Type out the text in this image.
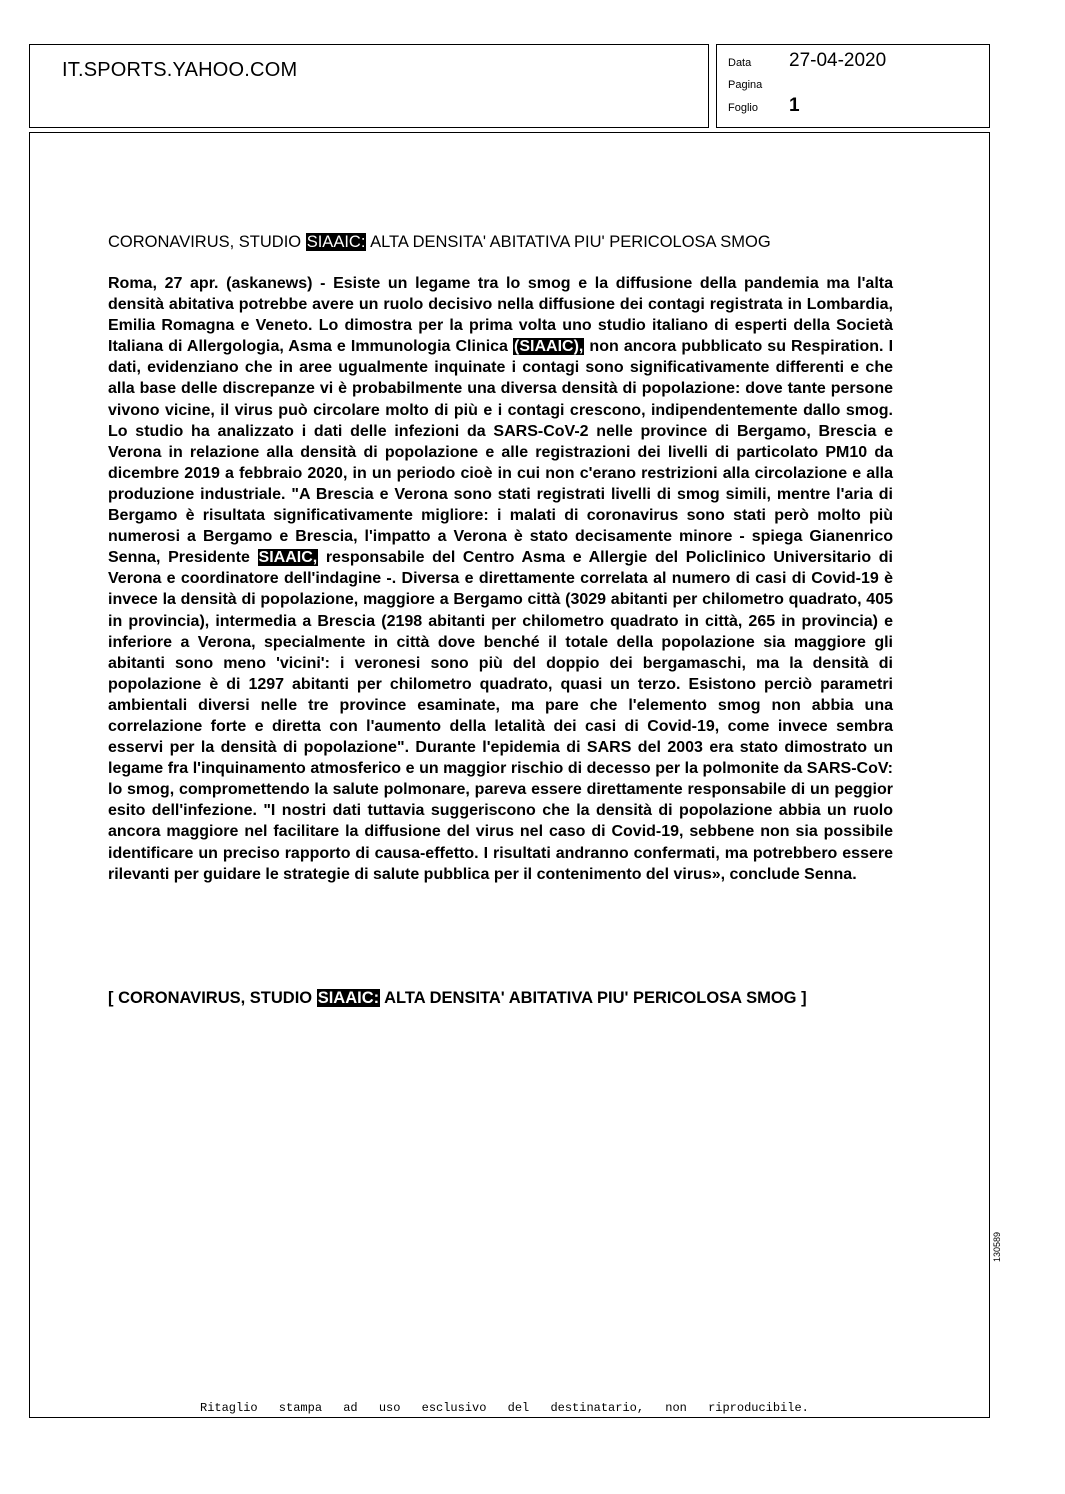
IT.SPORTS.YAHOO.COM	Data 27-04-2020
Pagina
Foglio 1
CORONAVIRUS, STUDIO SIAAIC: ALTA DENSITA' ABITATIVA PIU' PERICOLOSA SMOG

Roma, 27 apr. (askanews) - Esiste un legame tra lo smog e la diffusione della pandemia ma l'alta densità abitativa potrebbe avere un ruolo decisivo nella diffusione dei contagi registrata in Lombardia, Emilia Romagna e Veneto. Lo dimostra per la prima volta uno studio italiano di esperti della Società Italiana di Allergologia, Asma e Immunologia Clinica (SIAAIC), non ancora pubblicato su Respiration. I dati, evidenziano che in aree ugualmente inquinate i contagi sono significativamente differenti e che alla base delle discrepanze vi è probabilmente una diversa densità di popolazione: dove tante persone vivono vicine, il virus può circolare molto di più e i contagi crescono, indipendentemente dallo smog. Lo studio ha analizzato i dati delle infezioni da SARS-CoV-2 nelle province di Bergamo, Brescia e Verona in relazione alla densità di popolazione e alle registrazioni dei livelli di particolato PM10 da dicembre 2019 a febbraio 2020, in un periodo cioè in cui non c'erano restrizioni alla circolazione e alla produzione industriale. "A Brescia e Verona sono stati registrati livelli di smog simili, mentre l'aria di Bergamo è risultata significativamente migliore: i malati di coronavirus sono stati però molto più numerosi a Bergamo e Brescia, l'impatto a Verona è stato decisamente minore - spiega Gianenrico Senna, Presidente SIAAIC, responsabile del Centro Asma e Allergie del Policlinico Universitario di Verona e coordinatore dell'indagine -. Diversa e direttamente correlata al numero di casi di Covid-19 è invece la densità di popolazione, maggiore a Bergamo città (3029 abitanti per chilometro quadrato, 405 in provincia), intermedia a Brescia (2198 abitanti per chilometro quadrato in città, 265 in provincia) e inferiore a Verona, specialmente in città dove benché il totale della popolazione sia maggiore gli abitanti sono meno 'vicini': i veronesi sono più del doppio dei bergamaschi, ma la densità di popolazione è di 1297 abitanti per chilometro quadrato, quasi un terzo. Esistono perciò parametri ambientali diversi nelle tre province esaminate, ma pare che l'elemento smog non abbia una correlazione forte e diretta con l'aumento della letalità dei casi di Covid-19, come invece sembra esservi per la densità di popolazione". Durante l'epidemia di SARS del 2003 era stato dimostrato un legame fra l'inquinamento atmosferico e un maggior rischio di decesso per la polmonite da SARS-CoV: lo smog, compromettendo la salute polmonare, pareva essere direttamente responsabile di un peggior esito dell'infezione. "I nostri dati tuttavia suggeriscono che la densità di popolazione abbia un ruolo ancora maggiore nel facilitare la diffusione del virus nel caso di Covid-19, sebbene non sia possibile identificare un preciso rapporto di causa-effetto. I risultati andranno confermati, ma potrebbero essere rilevanti per guidare le strategie di salute pubblica per il contenimento del virus», conclude Senna.

[ CORONAVIRUS, STUDIO SIAAIC: ALTA DENSITA' ABITATIVA PIU' PERICOLOSA SMOG ]
130589
Ritaglio stampa ad uso esclusivo del destinatario, non riproducibile.
